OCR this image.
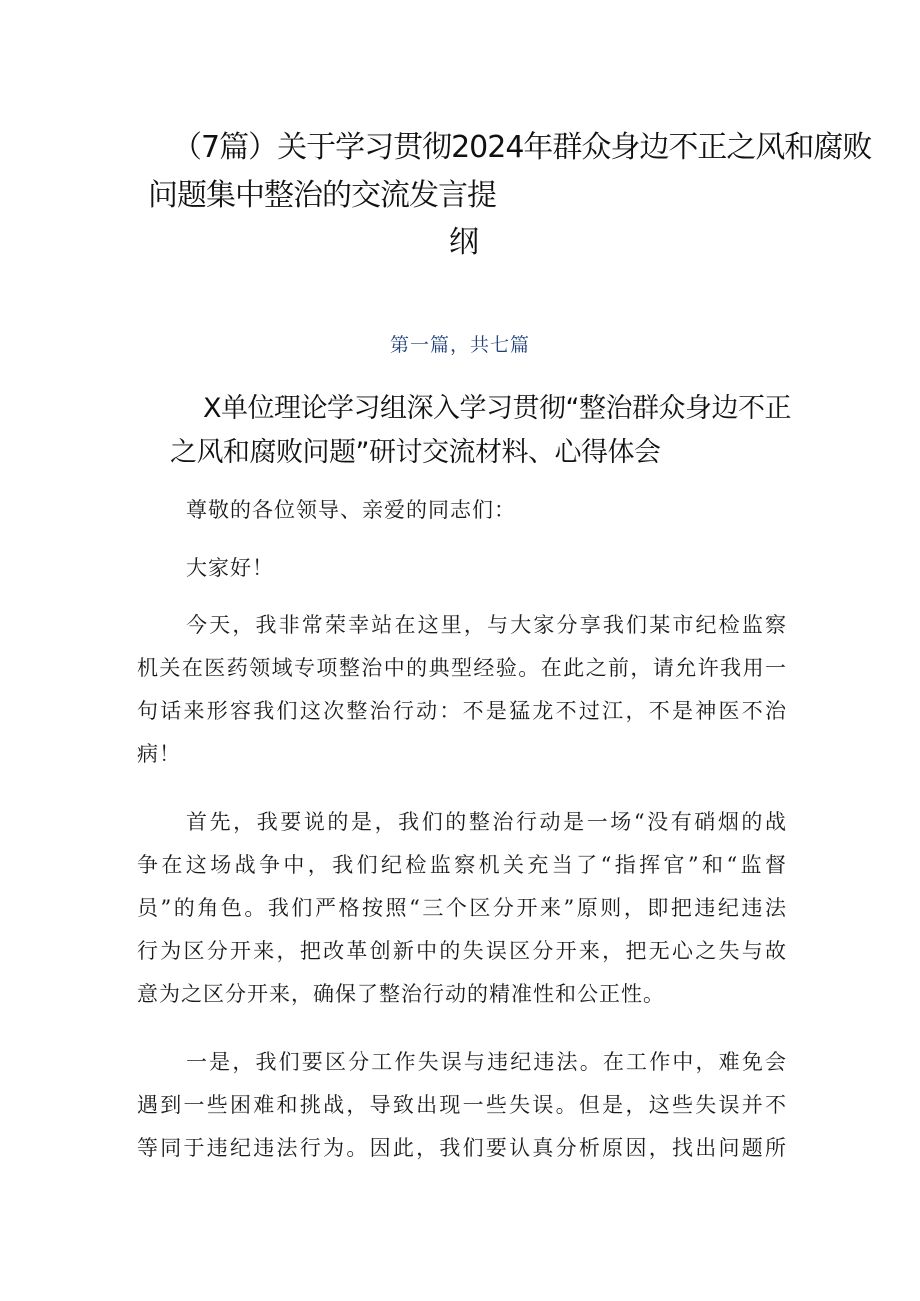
（7篇）关于学习贯彻2024年群众身边不正之风和腐败
问题集中整治的交流发言提
纲
第一篇，共七篇
X单位理论学习组深入学习贯彻“整治群众身边不正
之风和腐败问题”研讨交流材料、心得体会
尊敬的各位领导、亲爱的同志们：
大家好！
今天，我非常荣幸站在这里，与大家分享我们某市纪检监察
机关在医药领域专项整治中的典型经验。在此之前，请允许我用一
句话来形容我们这次整治行动：不是猛龙不过江，不是神医不治
病！
首先，我要说的是，我们的整治行动是一场“没有硝烟的战
争在这场战争中，我们纪检监察机关充当了“指挥官”和“监督
员”的角色。我们严格按照“三个区分开来”原则，即把违纪违法
行为区分开来，把改革创新中的失误区分开来，把无心之失与故
意为之区分开来，确保了整治行动的精准性和公正性。
一是，我们要区分工作失误与违纪违法。在工作中，难免会
遇到一些困难和挑战，导致出现一些失误。但是，这些失误并不
等同于违纪违法行为。因此，我们要认真分析原因，找出问题所
